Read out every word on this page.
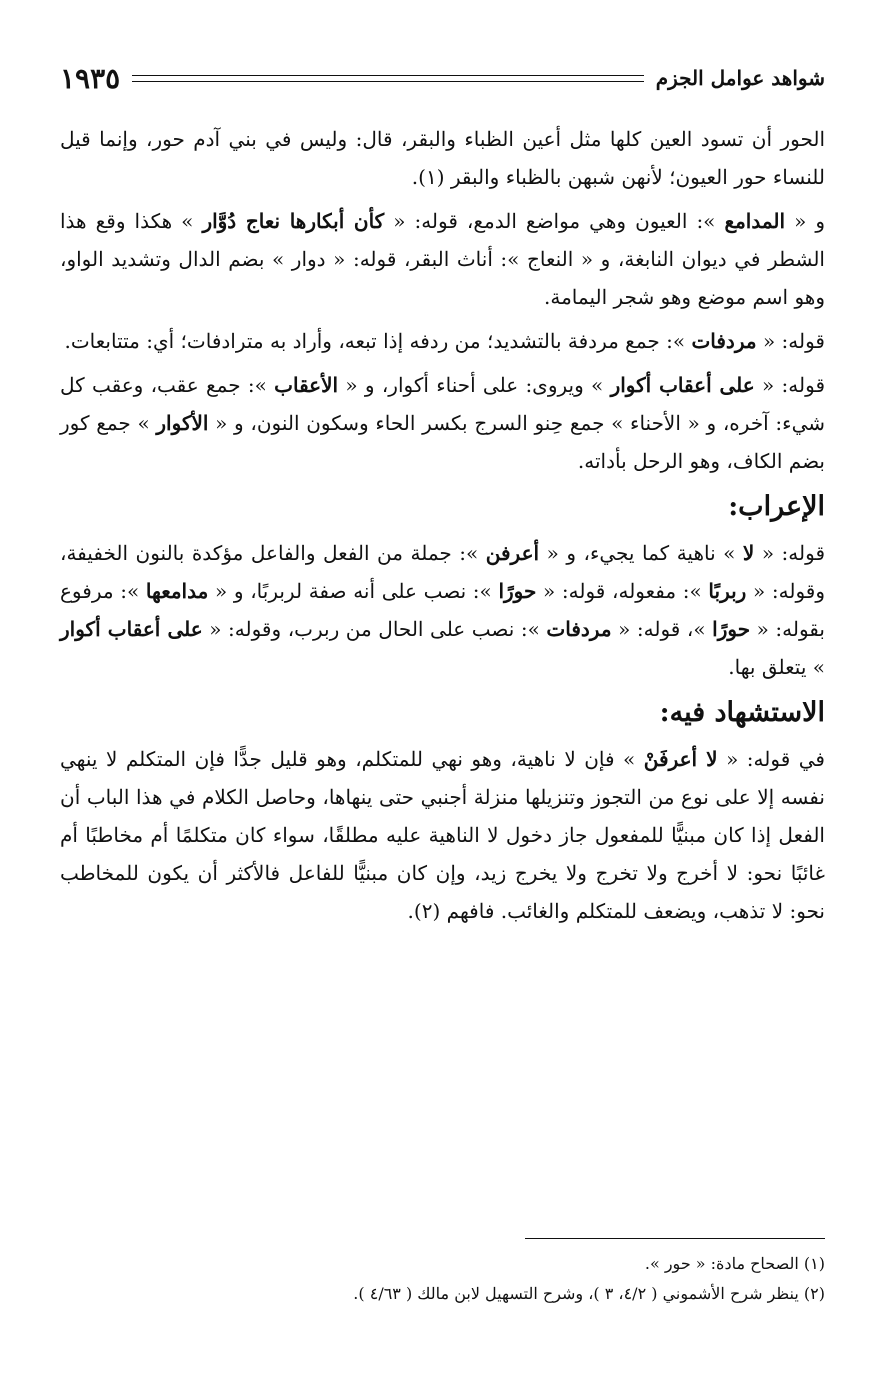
شواهد عوامل الجزم
١٩٣٥

الحور أن تسود العين كلها مثل أعين الظباء والبقر، قال: وليس في بني آدم حور، وإنما قيل للنساء حور العيون؛ لأنهن شبهن بالظباء والبقر (١).

و « المدامع »: العيون وهي مواضع الدمع، قوله: « كأن أبكارها نعاج دُوَّار » هكذا وقع هذا الشطر في ديوان النابغة، و « النعاج »: أناث البقر، قوله: « دوار » بضم الدال وتشديد الواو، وهو اسم موضع وهو شجر اليمامة.

قوله: « مردفات »: جمع مردفة بالتشديد؛ من ردفه إذا تبعه، وأراد به مترادفات؛ أي: متتابعات.

قوله: « على أعقاب أكوار » ويروى: على أحناء أكوار، و « الأعقاب »: جمع عقب، وعقب كل شيء: آخره، و « الأحناء » جمع حِنو السرج بكسر الحاء وسكون النون، و « الأكوار » جمع كور بضم الكاف، وهو الرحل بأداته.

الإعراب:

قوله: « لا » ناهية كما يجيء، و « أعرفن »: جملة من الفعل والفاعل مؤكدة بالنون الخفيفة، وقوله: « ربربًا »: مفعوله، قوله: « حورًا »: نصب على أنه صفة لربربًا، و « مدامعها »: مرفوع بقوله: « حورًا »، قوله: « مردفات »: نصب على الحال من ربرب، وقوله: « على أعقاب أكوار » يتعلق بها.

الاستشهاد فيه:

في قوله: « لا أعرفَنْ » فإن لا ناهية، وهو نهي للمتكلم، وهو قليل جدًّا فإن المتكلم لا ينهي نفسه إلا على نوع من التجوز وتنزيلها منزلة أجنبي حتى ينهاها، وحاصل الكلام في هذا الباب أن الفعل إذا كان مبنيًّا للمفعول جاز دخول لا الناهية عليه مطلقًا، سواء كان متكلمًا أم مخاطبًا أم غائبًا نحو: لا أخرج ولا تخرج ولا يخرج زيد، وإن كان مبنيًّا للفاعل فالأكثر أن يكون للمخاطب نحو: لا تذهب، ويضعف للمتكلم والغائب. فافهم (٢).

(١) الصحاح مادة: « حور ».
(٢) ينظر شرح الأشموني ( ٤/٢، ٣ )، وشرح التسهيل لابن مالك ( ٤/٦٣ ).
